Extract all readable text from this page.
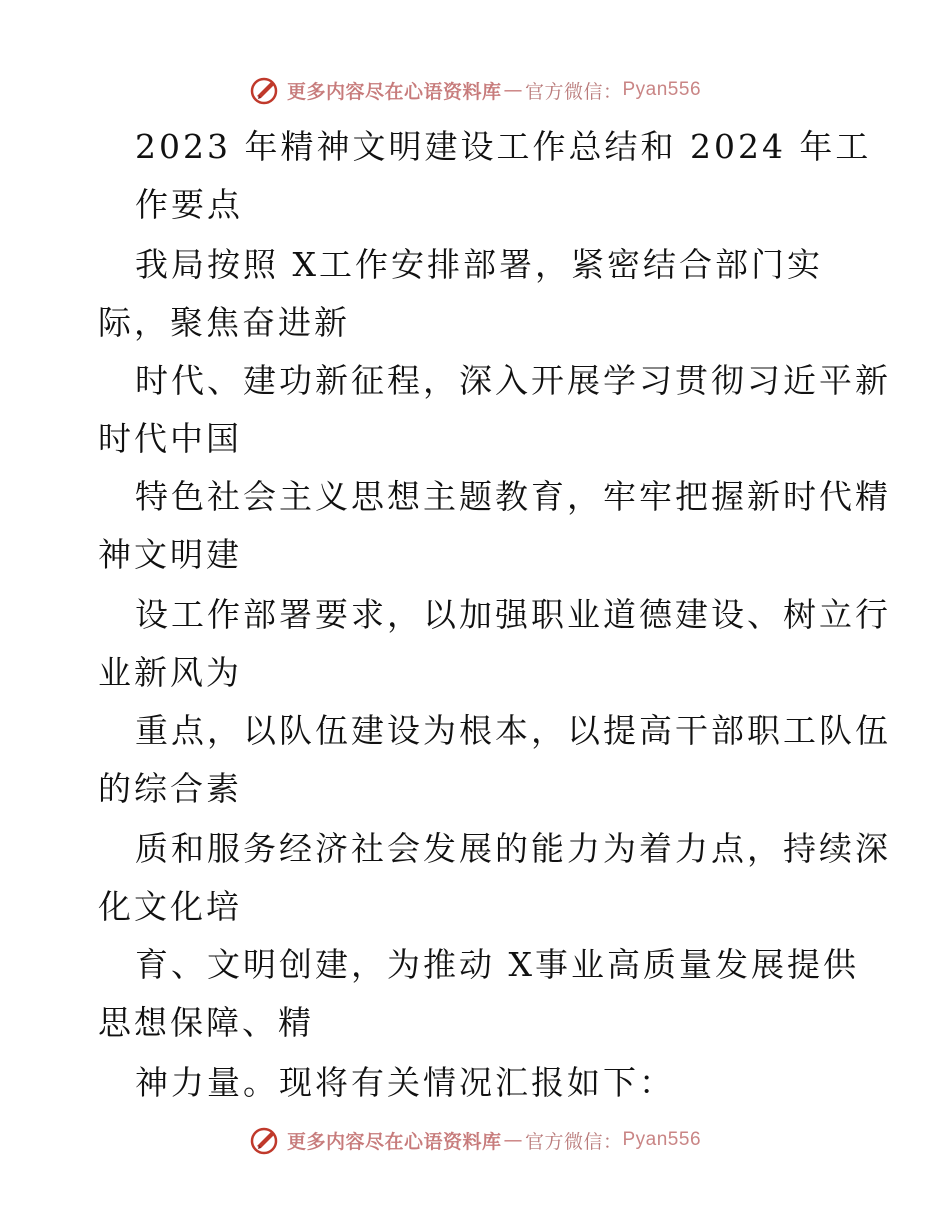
更多内容尽在心语资料库 — 官方微信： Pyan556
2023 年精神文明建设工作总结和 2024 年工
作要点
我局按照 X工作安排部署，紧密结合部门实
际，聚焦奋进新
时代、建功新征程，深入开展学习贯彻习近平新
时代中国
特色社会主义思想主题教育，牢牢把握新时代精
神文明建
设工作部署要求，以加强职业道德建设、树立行
业新风为
重点，以队伍建设为根本，以提高干部职工队伍
的综合素
质和服务经济社会发展的能力为着力点，持续深
化文化培
育、文明创建，为推动 X事业高质量发展提供
思想保障、精
神力量。现将有关情况汇报如下：
更多内容尽在心语资料库 — 官方微信： Pyan556
